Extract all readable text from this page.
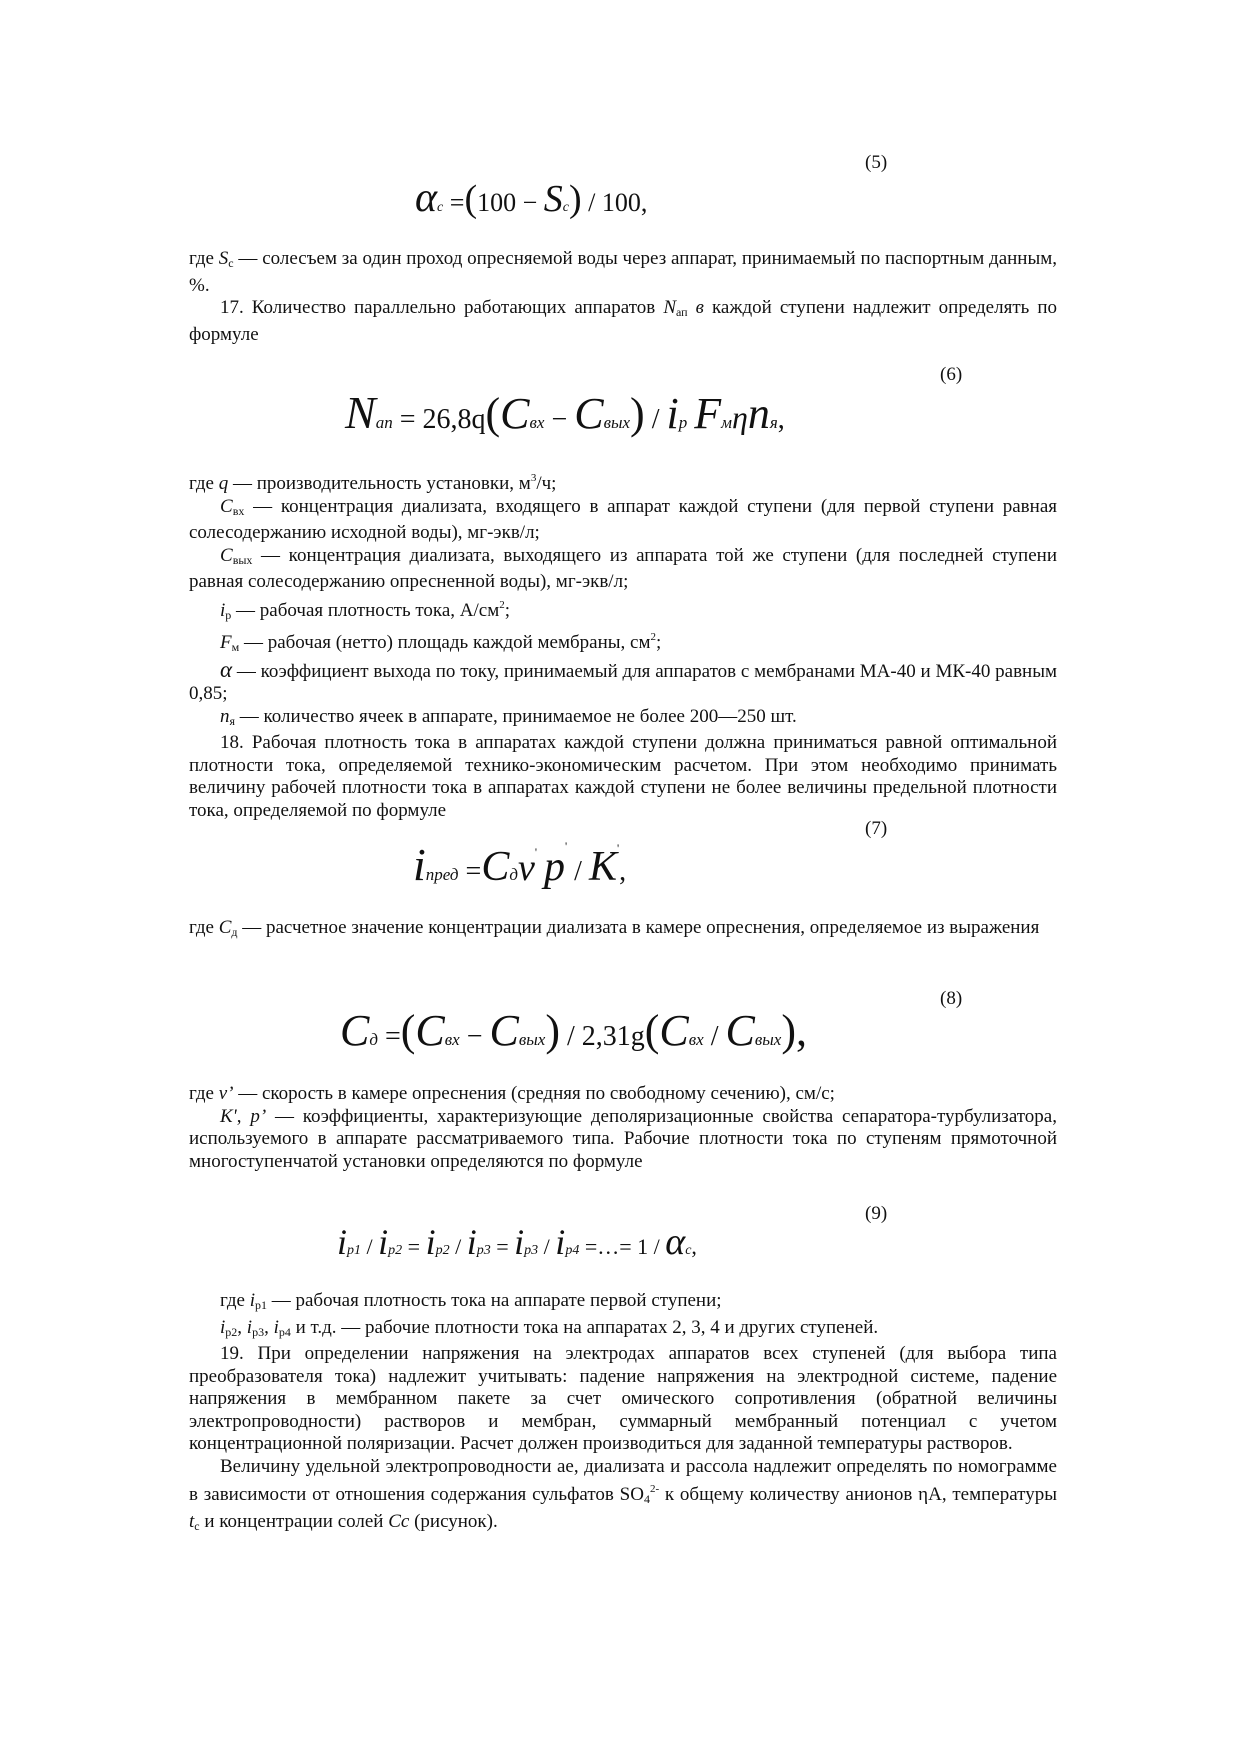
(5)
αc =(100 − Sc) / 100,

где Sc — солесъем за один проход опресняемой воды через аппарат, принимаемый по паспортным данным, %.

17. Количество параллельно работающих аппаратов Nап в каждой ступени надлежит определять по формуле

(6)
Nап = 26,8q(Cвх − Cвых) / iр Fмηnя,

где q — производительность установки, $м^3/ч$;

Cвх — концентрация диализата, входящего в аппарат каждой ступени (для первой ступени равная солесодержанию исходной воды), мг-экв/л;

Cвых — концентрация диализата, выходящего из аппарата той же ступени (для последней ступени равная солесодержанию опресненной воды), мг-экв/л;

iр — рабочая плотность тока, $А/см^2$;

Fм — рабочая (нетто) площадь каждой мембраны, $см^2$;

α — коэффициент выхода по току, принимаемый для аппаратов с мембранами МА-40 и МК-40 равным 0,85;

nя — количество ячеек в аппарате, принимаемое не более 200—250 шт.

18. Рабочая плотность тока в аппаратах каждой ступени должна приниматься равной оптимальной плотности тока, определяемой технико-экономическим расчетом. При этом необходимо принимать величину рабочей плотности тока в аппаратах каждой ступени не более величины предельной плотности тока, определяемой по формуле

(7)
iпред =Cдv' p' / K',

где Cд — расчетное значение концентрации диализата в камере опреснения, определяемое из выражения

(8)
Cд =(Cвх − Cвых) / 2,31g(Cвх / Cвых),

где v’ — скорость в камере опреснения (средняя по свободному сечению), см/с;

K', p’ — коэффициенты, характеризующие деполяризационные свойства сепаратора-турбулизатора, используемого в аппарате рассматриваемого типа. Рабочие плотности тока по ступеням прямоточной многоступенчатой установки определяются по формуле

(9)
iр1 / iр2 = iр2 / iр3 = iр3 / iр4 =…= 1 / αc,

где iр1 — рабочая плотность тока на аппарате первой ступени;

iр2, iр3, iр4 и т.д. — рабочие плотности тока на аппаратах 2, 3, 4 и других ступеней.

19. При определении напряжения на электродах аппаратов всех ступеней (для выбора типа преобразователя тока) надлежит учитывать: падение напряжения на электродной системе, падение напряжения в мембранном пакете за счет омического сопротивления (обратной величины электропроводности) растворов и мембран, суммарный мембранный потенциал с учетом концентрационной поляризации. Расчет должен производиться для заданной температуры растворов.

Величину удельной электропроводности ае, диализата и рассола надлежит определять по номограмме в зависимости от отношения содержания сульфатов $SO4^{2-}$ к общему количеству анионов ηA, температуры tc и концентрации солей Cc (рисунок).
